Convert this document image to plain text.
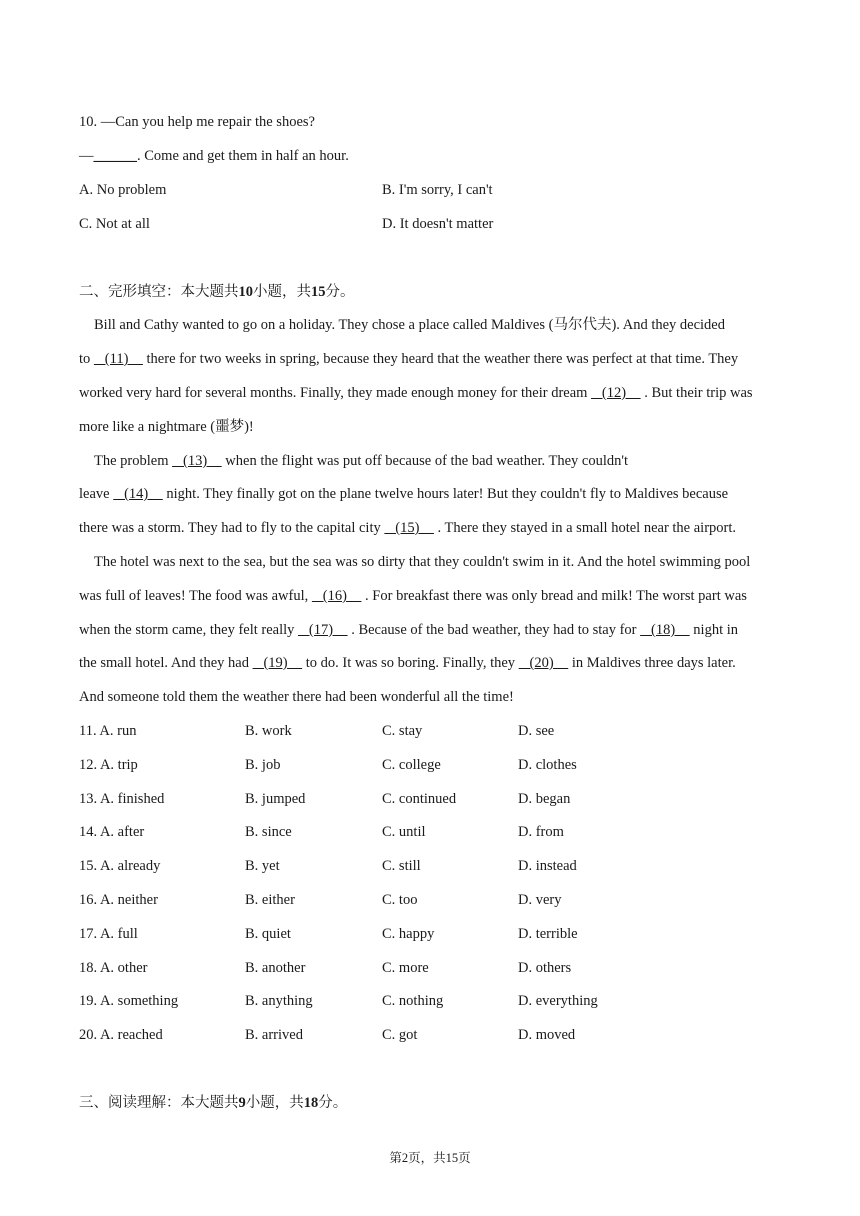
10. —Can you help me repair the shoes?
—______. Come and get them in half an hour.
A. No problem	B. I'm sorry, I can't
C. Not at all	D. It doesn't matter
二、完形填空：本大题共10小题，共15分。
Bill and Cathy wanted to go on a holiday. They chose a place called Maldives (马尔代夫). And they decided
to    (11)     there for two weeks in spring, because they heard that the weather there was perfect at that time. They
worked very hard for several months. Finally, they made enough money for their dream    (12)     . But their trip was
more like a nightmare (噩梦)!
The problem    (13)     when the flight was put off because of the bad weather. They couldn't
leave    (14)     night. They finally got on the plane twelve hours later! But they couldn't fly to Maldives because
there was a storm. They had to fly to the capital city    (15)     . There they stayed in a small hotel near the airport.
The hotel was next to the sea, but the sea was so dirty that they couldn't swim in it. And the hotel swimming pool
was full of leaves! The food was awful,    (16)     . For breakfast there was only bread and milk! The worst part was
when the storm came, they felt really    (17)     . Because of the bad weather, they had to stay for    (18)     night in
the small hotel. And they had    (19)     to do. It was so boring. Finally, they    (20)     in Maldives three days later.
And someone told them the weather there had been wonderful all the time!
11. A. run	B. work	C. stay	D. see
12. A. trip	B. job	C. college	D. clothes
13. A. finished	B. jumped	C. continued	D. began
14. A. after	B. since	C. until	D. from
15. A. already	B. yet	C. still	D. instead
16. A. neither	B. either	C. too	D. very
17. A. full	B. quiet	C. happy	D. terrible
18. A. other	B. another	C. more	D. others
19. A. something	B. anything	C. nothing	D. everything
20. A. reached	B. arrived	C. got	D. moved
三、阅读理解：本大题共9小题，共18分。
第2页，共15页
